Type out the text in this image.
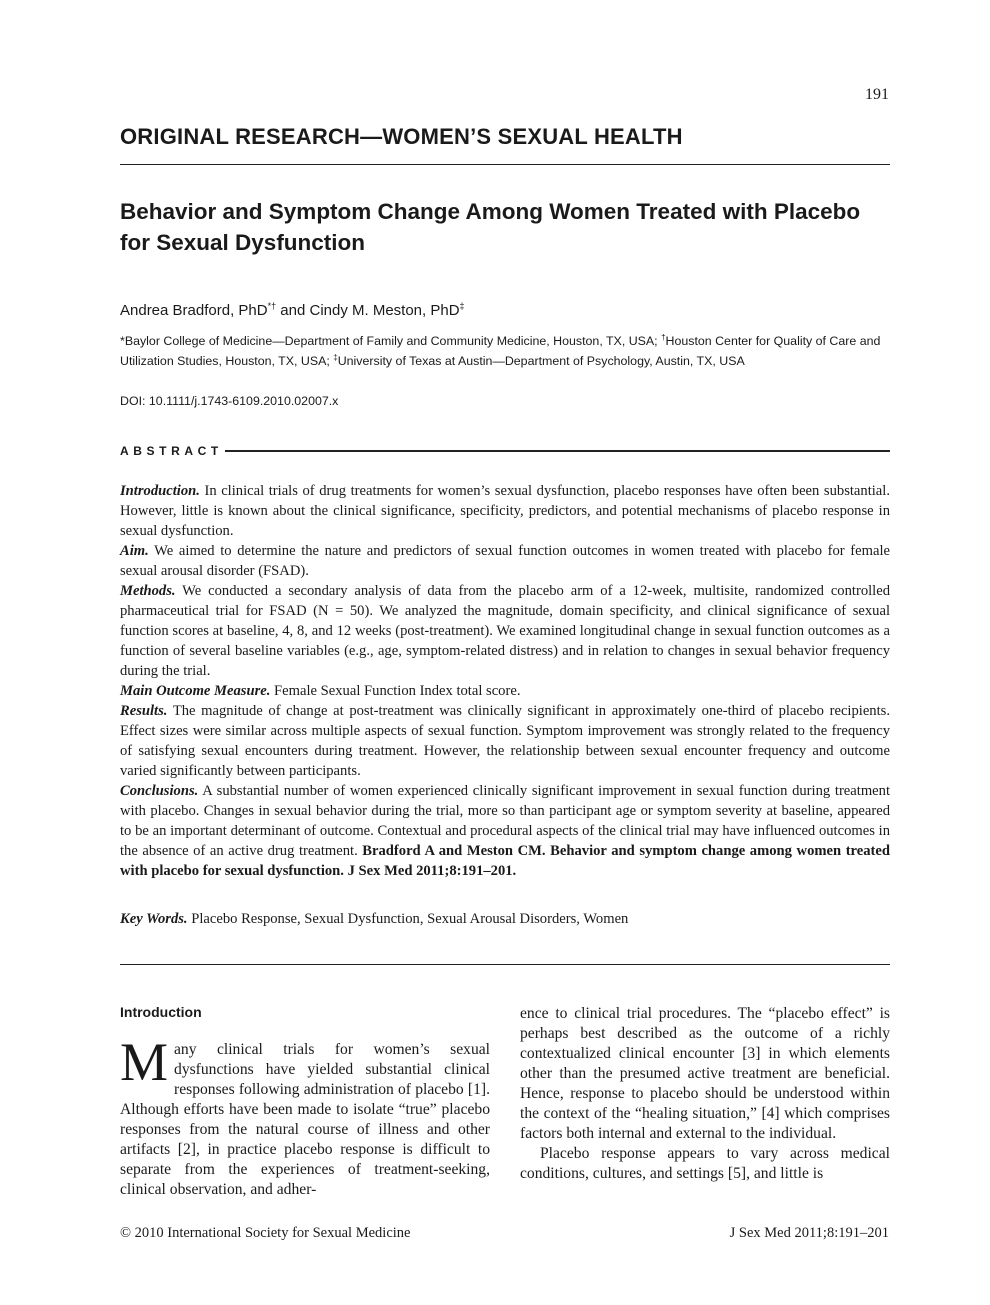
191
ORIGINAL RESEARCH—WOMEN’S SEXUAL HEALTH
Behavior and Symptom Change Among Women Treated with Placebo for Sexual Dysfunction
Andrea Bradford, PhD*† and Cindy M. Meston, PhD‡
*Baylor College of Medicine—Department of Family and Community Medicine, Houston, TX, USA; †Houston Center for Quality of Care and Utilization Studies, Houston, TX, USA; ‡University of Texas at Austin—Department of Psychology, Austin, TX, USA
DOI: 10.1111/j.1743-6109.2010.02007.x
ABSTRACT

Introduction. In clinical trials of drug treatments for women’s sexual dysfunction, placebo responses have often been substantial. However, little is known about the clinical significance, specificity, predictors, and potential mechanisms of placebo response in sexual dysfunction.

Aim. We aimed to determine the nature and predictors of sexual function outcomes in women treated with placebo for female sexual arousal disorder (FSAD).

Methods. We conducted a secondary analysis of data from the placebo arm of a 12-week, multisite, randomized controlled pharmaceutical trial for FSAD (N = 50). We analyzed the magnitude, domain specificity, and clinical significance of sexual function scores at baseline, 4, 8, and 12 weeks (post-treatment). We examined longitudinal change in sexual function outcomes as a function of several baseline variables (e.g., age, symptom-related distress) and in relation to changes in sexual behavior frequency during the trial.

Main Outcome Measure. Female Sexual Function Index total score.

Results. The magnitude of change at post-treatment was clinically significant in approximately one-third of placebo recipients. Effect sizes were similar across multiple aspects of sexual function. Symptom improvement was strongly related to the frequency of satisfying sexual encounters during treatment. However, the relationship between sexual encounter frequency and outcome varied significantly between participants.

Conclusions. A substantial number of women experienced clinically significant improvement in sexual function during treatment with placebo. Changes in sexual behavior during the trial, more so than participant age or symptom severity at baseline, appeared to be an important determinant of outcome. Contextual and procedural aspects of the clinical trial may have influenced outcomes in the absence of an active drug treatment. Bradford A and Meston CM. Behavior and symptom change among women treated with placebo for sexual dysfunction. J Sex Med 2011;8:191–201.

Key Words. Placebo Response, Sexual Dysfunction, Sexual Arousal Disorders, Women
Introduction

Many clinical trials for women’s sexual dysfunctions have yielded substantial clinical responses following administration of placebo [1]. Although efforts have been made to isolate “true” placebo responses from the natural course of illness and other artifacts [2], in practice placebo response is difficult to separate from the experiences of treatment-seeking, clinical observation, and adher-

ence to clinical trial procedures. The “placebo effect” is perhaps best described as the outcome of a richly contextualized clinical encounter [3] in which elements other than the presumed active treatment are beneficial. Hence, response to placebo should be understood within the context of the “healing situation,” [4] which comprises factors both internal and external to the individual.

Placebo response appears to vary across medical conditions, cultures, and settings [5], and little is

© 2010 International Society for Sexual Medicine	J Sex Med 2011;8:191–201
